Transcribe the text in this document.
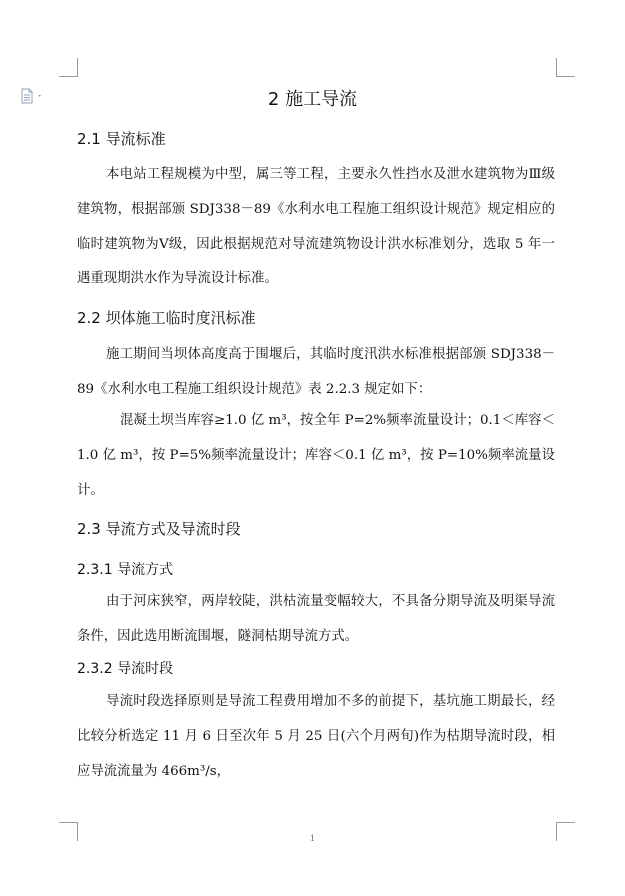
2 施工导流
2.1 导流标准

本电站工程规模为中型，属三等工程，主要永久性挡水及泄水建筑物为Ⅲ级建筑物，根据部颁 SDJ338－89《水利水电工程施工组织设计规范》规定相应的临时建筑物为Ⅴ级，因此根据规范对导流建筑物设计洪水标准划分，选取 5 年一遇重现期洪水作为导流设计标准。

2.2 坝体施工临时度汛标准

施工期间当坝体高度高于围堰后，其临时度汛洪水标准根据部颁 SDJ338－89《水利水电工程施工组织设计规范》表 2.2.3 规定如下：

混凝土坝当库容≥1.0 亿 m³，按全年 P=2%频率流量设计；0.1＜库容＜1.0 亿 m³，按 P=5%频率流量设计；库容＜0.1 亿 m³，按 P=10%频率流量设计。

2.3 导流方式及导流时段
2.3.1 导流方式

由于河床狭窄，两岸较陡，洪枯流量变幅较大，不具备分期导流及明渠导流条件，因此选用断流围堰，隧洞枯期导流方式。

2.3.2 导流时段

导流时段选择原则是导流工程费用增加不多的前提下，基坑施工期最长，经比较分析选定 11 月 6 日至次年 5 月 25 日(六个月两旬)作为枯期导流时段，相应导流流量为 466m³/s，

1
